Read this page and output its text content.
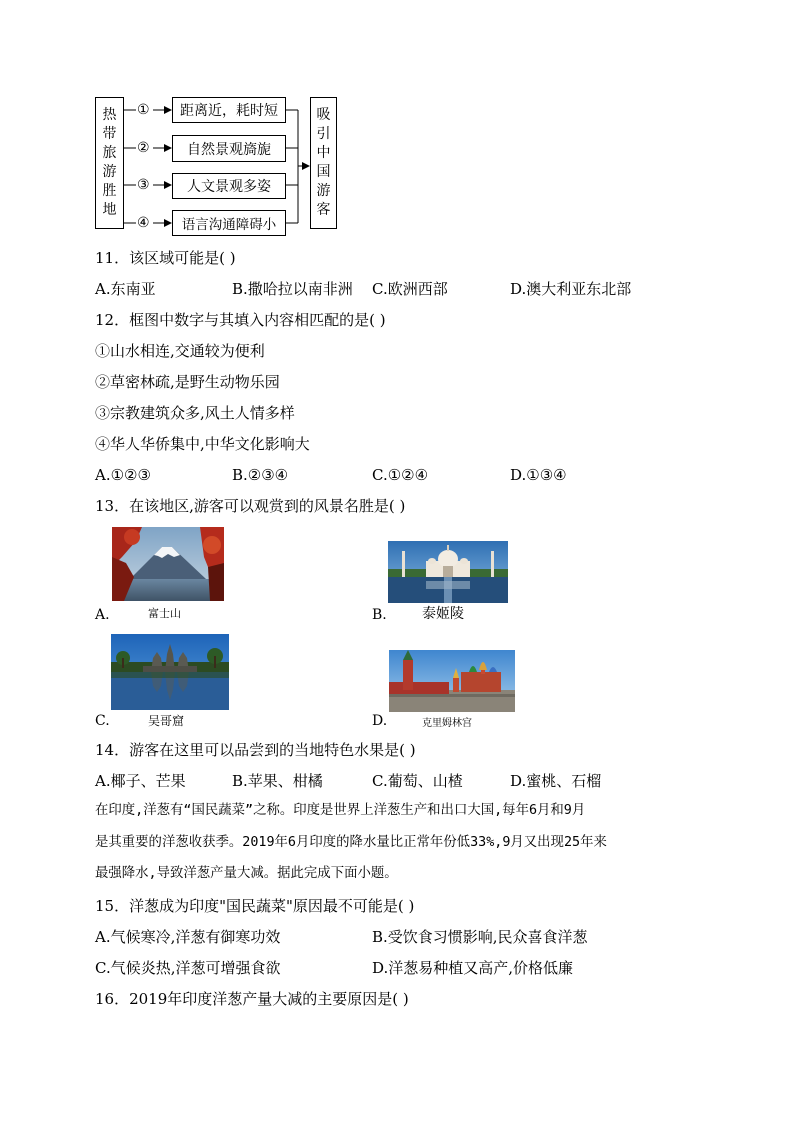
热
带
旅
游
胜
地
①
②
③
④
距离近，耗时短
自然景观旖旎
人文景观多姿
语言沟通障碍小
吸
引
中
国
游
客
11．该区域可能是( )
A.东南亚	B.撒哈拉以南非洲 C.欧洲西部	D.澳大利亚东北部
12．框图中数字与其填入内容相匹配的是( )
①山水相连,交通较为便利
②草密林疏,是野生动物乐园
③宗教建筑众多,风土人情多样
④华人华侨集中,中华文化影响大
A.①②③	B.②③④	C.①②④	D.①③④
13．在该地区,游客可以观赏到的风景名胜是( )
A.	富士山	B.	泰姬陵
C.	吴哥窟	D.	克里姆林宫
14．游客在这里可以品尝到的当地特色水果是( )
A.椰子、芒果	B.苹果、柑橘	C.葡萄、山楂	D.蜜桃、石榴
在印度,洋葱有“国民蔬菜”之称。印度是世界上洋葱生产和出口大国,每年6月和9月
是其重要的洋葱收获季。2019年6月印度的降水量比正常年份低33%,9月又出现25年来
最强降水,导致洋葱产量大减。据此完成下面小题。
15．洋葱成为印度"国民蔬菜"原因最不可能是( )
A.气候寒冷,洋葱有御寒功效	B.受饮食习惯影响,民众喜食洋葱
C.气候炎热,洋葱可增强食欲	D.洋葱易种植又高产,价格低廉
16．2019年印度洋葱产量大减的主要原因是( )
